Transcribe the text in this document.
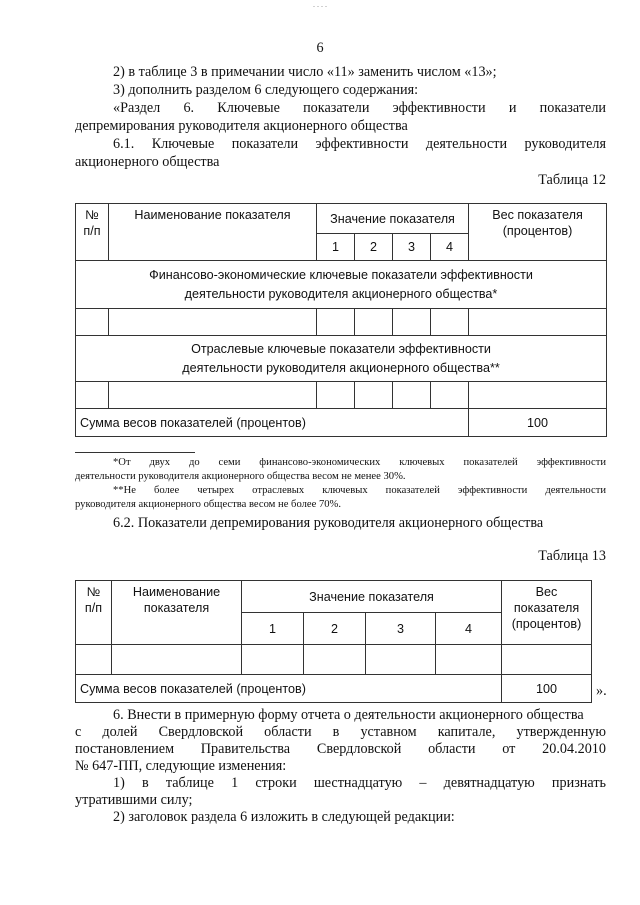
. . . .
6
2) в таблице 3 в примечании число «11» заменить числом «13»;
3) дополнить разделом 6 следующего содержания:
«Раздел 6. Ключевые показатели эффективности и показатели
депремирования руководителя акционерного общества
6.1. Ключевые показатели эффективности деятельности руководителя
акционерного общества
Таблица 12
№
п/п	Наименование показателя	Значение показателя				Вес показателя
(процентов)
		1	2	3	4	
Финансово-экономические ключевые показатели эффективности
деятельности руководителя акционерного общества*						

Отраслевые ключевые показатели эффективности
деятельности руководителя акционерного общества**						

Сумма весов показателей (процентов)						100
*От двух до семи финансово-экономических ключевых показателей эффективности
деятельности руководителя акционерного общества весом не менее 30%.
**Не более четырех отраслевых ключевых показателей эффективности деятельности
руководителя акционерного общества весом не более 70%.
6.2. Показатели депремирования руководителя акционерного общества
Таблица 13
№
п/п	Наименование
показателя	Значение показателя				Вес
показателя
(процентов)
		1	2	3	4	

Сумма весов показателей (процентов)						100	».
6. Внести в примерную форму отчета о деятельности акционерного общества
с долей Свердловской области в уставном капитале, утвержденную
постановлением Правительства Свердловской области от 20.04.2010
№ 647-ПП, следующие изменения:
1) в таблице 1 строки шестнадцатую – девятнадцатую признать
утратившими силу;
2) заголовок раздела 6 изложить в следующей редакции:
